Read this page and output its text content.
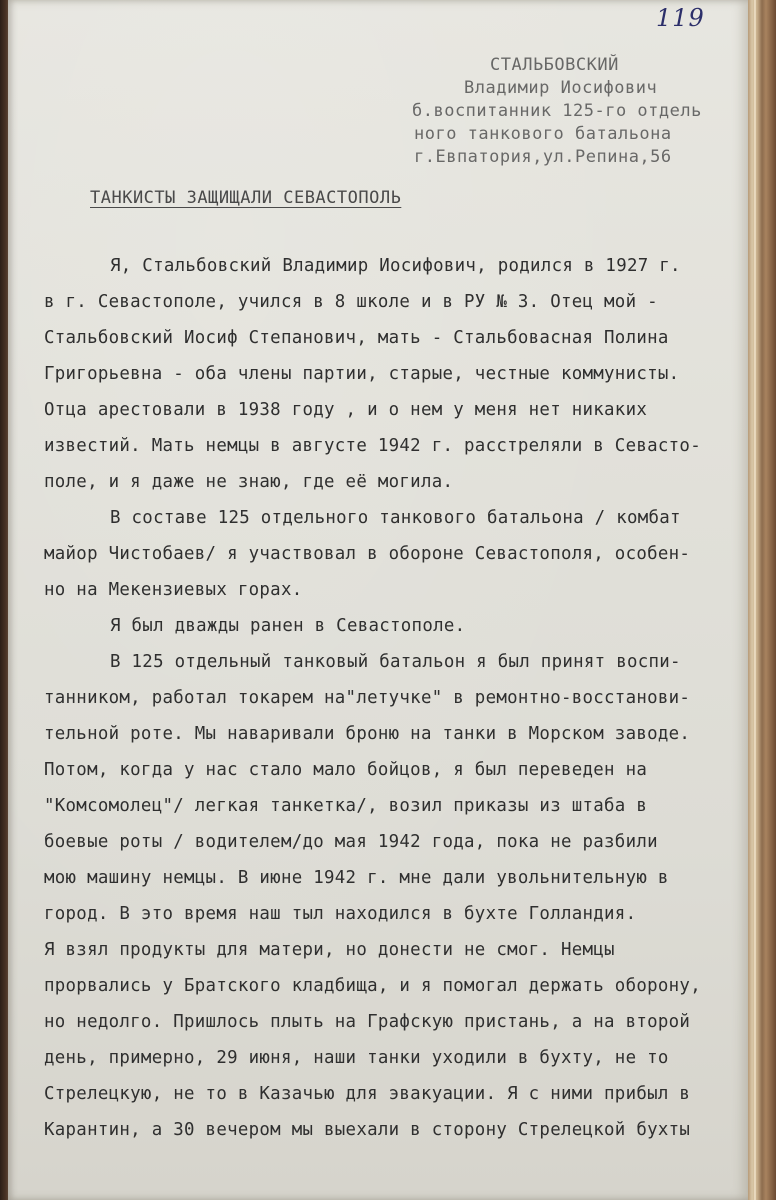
119
СТАЛЬБОВСКИЙ
Владимир Иосифович
б.воспитанник 125-го отдель
ного танкового батальона
г.Евпатория,ул.Репина,56
ТАНКИСТЫ ЗАЩИЩАЛИ СЕВАСТОПОЛЬ
Я, Стальбовский Владимир Иосифович, родился в 1927 г.
в г. Севастополе, учился в 8 школе и в РУ № 3. Отец мой -
Стальбовский Иосиф Степанович, мать - Стальбовасная Полина
Григорьевна - оба члены партии, старые, честные коммунисты.
Отца арестовали в 1938 году , и о нем у меня нет никаких
известий. Мать немцы в августе 1942 г. расстреляли в Севасто-
поле, и я даже не знаю, где её могила.
В составе 125 отдельного танкового батальона / комбат
майор Чистобаев/ я участвовал в обороне Севастополя, особен-
но на Мекензиевых горах.
Я был дважды ранен в Севастополе.
В 125 отдельный танковый батальон я был принят воспи-
танником, работал токарем на"летучке" в ремонтно-восстанови-
тельной роте. Мы наваривали броню на танки в Морском заводе.
Потом, когда у нас стало мало бойцов, я был переведен на
"Комсомолец"/ легкая танкетка/, возил приказы из штаба в
боевые роты / водителем/до мая 1942 года, пока не разбили
мою машину немцы. В июне 1942 г. мне дали увольнительную в
город. В это время наш тыл находился в бухте Голландия.
Я взял продукты для матери, но донести не смог. Немцы
прорвались у Братского кладбища, и я помогал держать оборону,
но недолго. Пришлось плыть на Графскую пристань, а на второй
день, примерно, 29 июня, наши танки уходили в бухту, не то
Стрелецкую, не то в Казачью для эвакуации. Я с ними прибыл в
Карантин, а 30 вечером мы выехали в сторону Стрелецкой бухты
